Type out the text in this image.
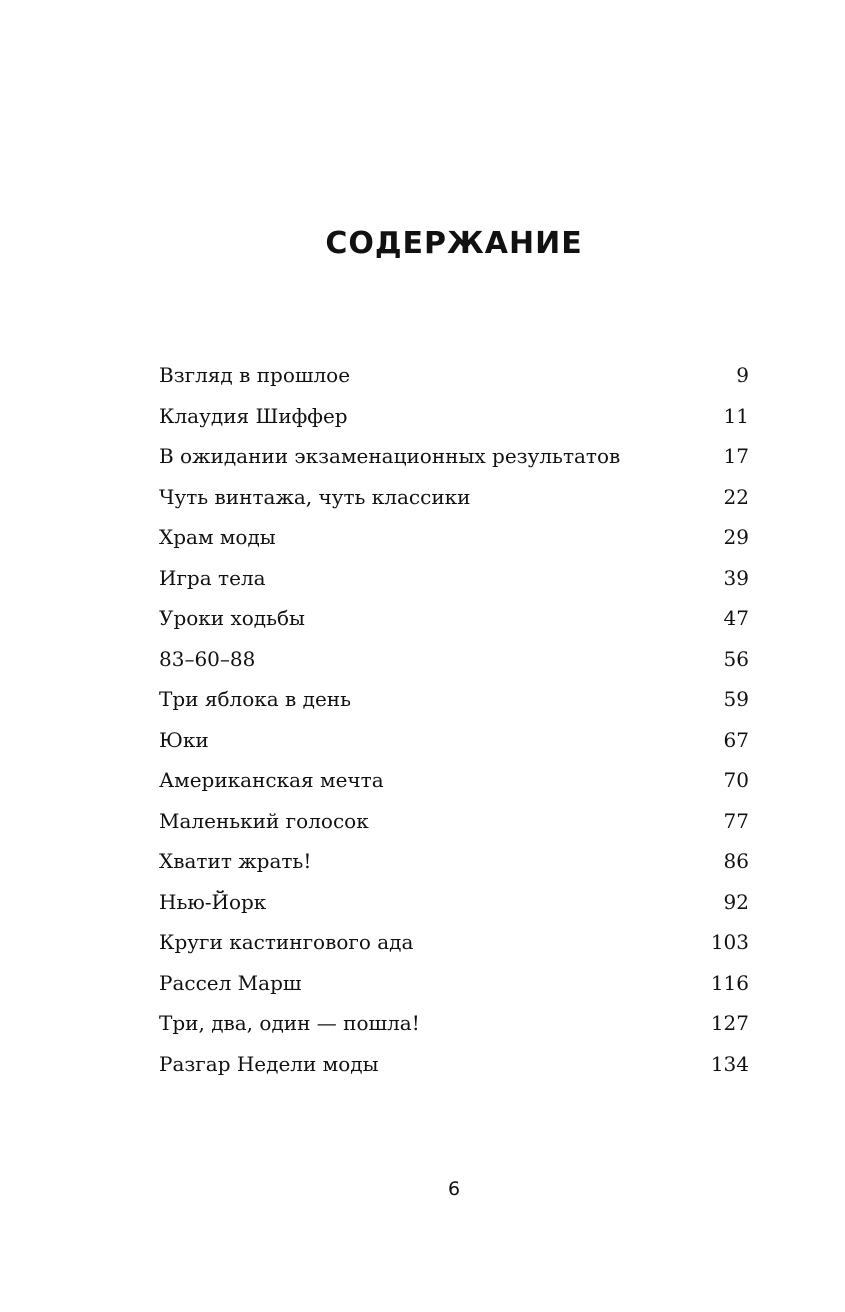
СОДЕРЖАНИЕ
Взгляд в прошлое	9
Клаудия Шиффер	11
В ожидании экзаменационных результатов	17
Чуть винтажа, чуть классики	22
Храм моды	29
Игра тела	39
Уроки ходьбы	47
83–60–88	56
Три яблока в день	59
Юки	67
Американская мечта	70
Маленький голосок	77
Хватит жрать!	86
Нью-Йорк	92
Круги кастингового ада	103
Рассел Марш	116
Три, два, один — пошла!	127
Разгар Недели моды	134
6
